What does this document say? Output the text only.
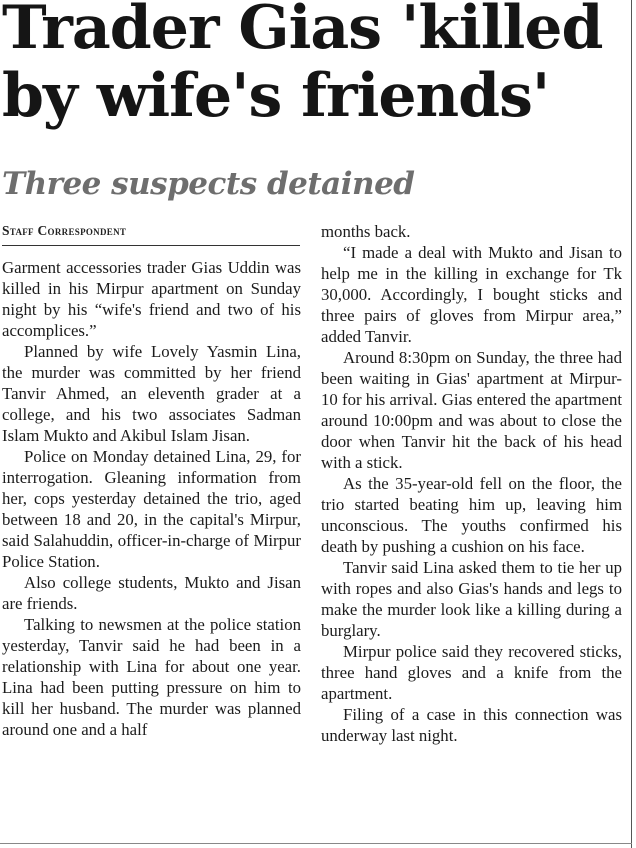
Trader Gias 'killed by wife's friends'
Three suspects detained
Staff Correspondent

Garment accessories trader Gias Uddin was killed in his Mirpur apartment on Sunday night by his “wife's friend and two of his accomplices.”

Planned by wife Lovely Yasmin Lina, the murder was committed by her friend Tanvir Ahmed, an eleventh grader at a college, and his two associates Sadman Islam Mukto and Akibul Islam Jisan.

Police on Monday detained Lina, 29, for interrogation. Gleaning information from her, cops yesterday detained the trio, aged between 18 and 20, in the capital's Mirpur, said Salahuddin, officer-in-charge of Mirpur Police Station.

Also college students, Mukto and Jisan are friends.

Talking to newsmen at the police station yesterday, Tanvir said he had been in a relationship with Lina for about one year. Lina had been putting pressure on him to kill her husband. The murder was planned around one and a half

months back.

“I made a deal with Mukto and Jisan to help me in the killing in exchange for Tk 30,000. Accordingly, I bought sticks and three pairs of gloves from Mirpur area,” added Tanvir.

Around 8:30pm on Sunday, the three had been waiting in Gias' apartment at Mirpur-10 for his arrival. Gias entered the apartment around 10:00pm and was about to close the door when Tanvir hit the back of his head with a stick.

As the 35-year-old fell on the floor, the trio started beating him up, leaving him unconscious. The youths confirmed his death by pushing a cushion on his face.

Tanvir said Lina asked them to tie her up with ropes and also Gias's hands and legs to make the murder look like a killing during a burglary.

Mirpur police said they recovered sticks, three hand gloves and a knife from the apartment.

Filing of a case in this connection was underway last night.
